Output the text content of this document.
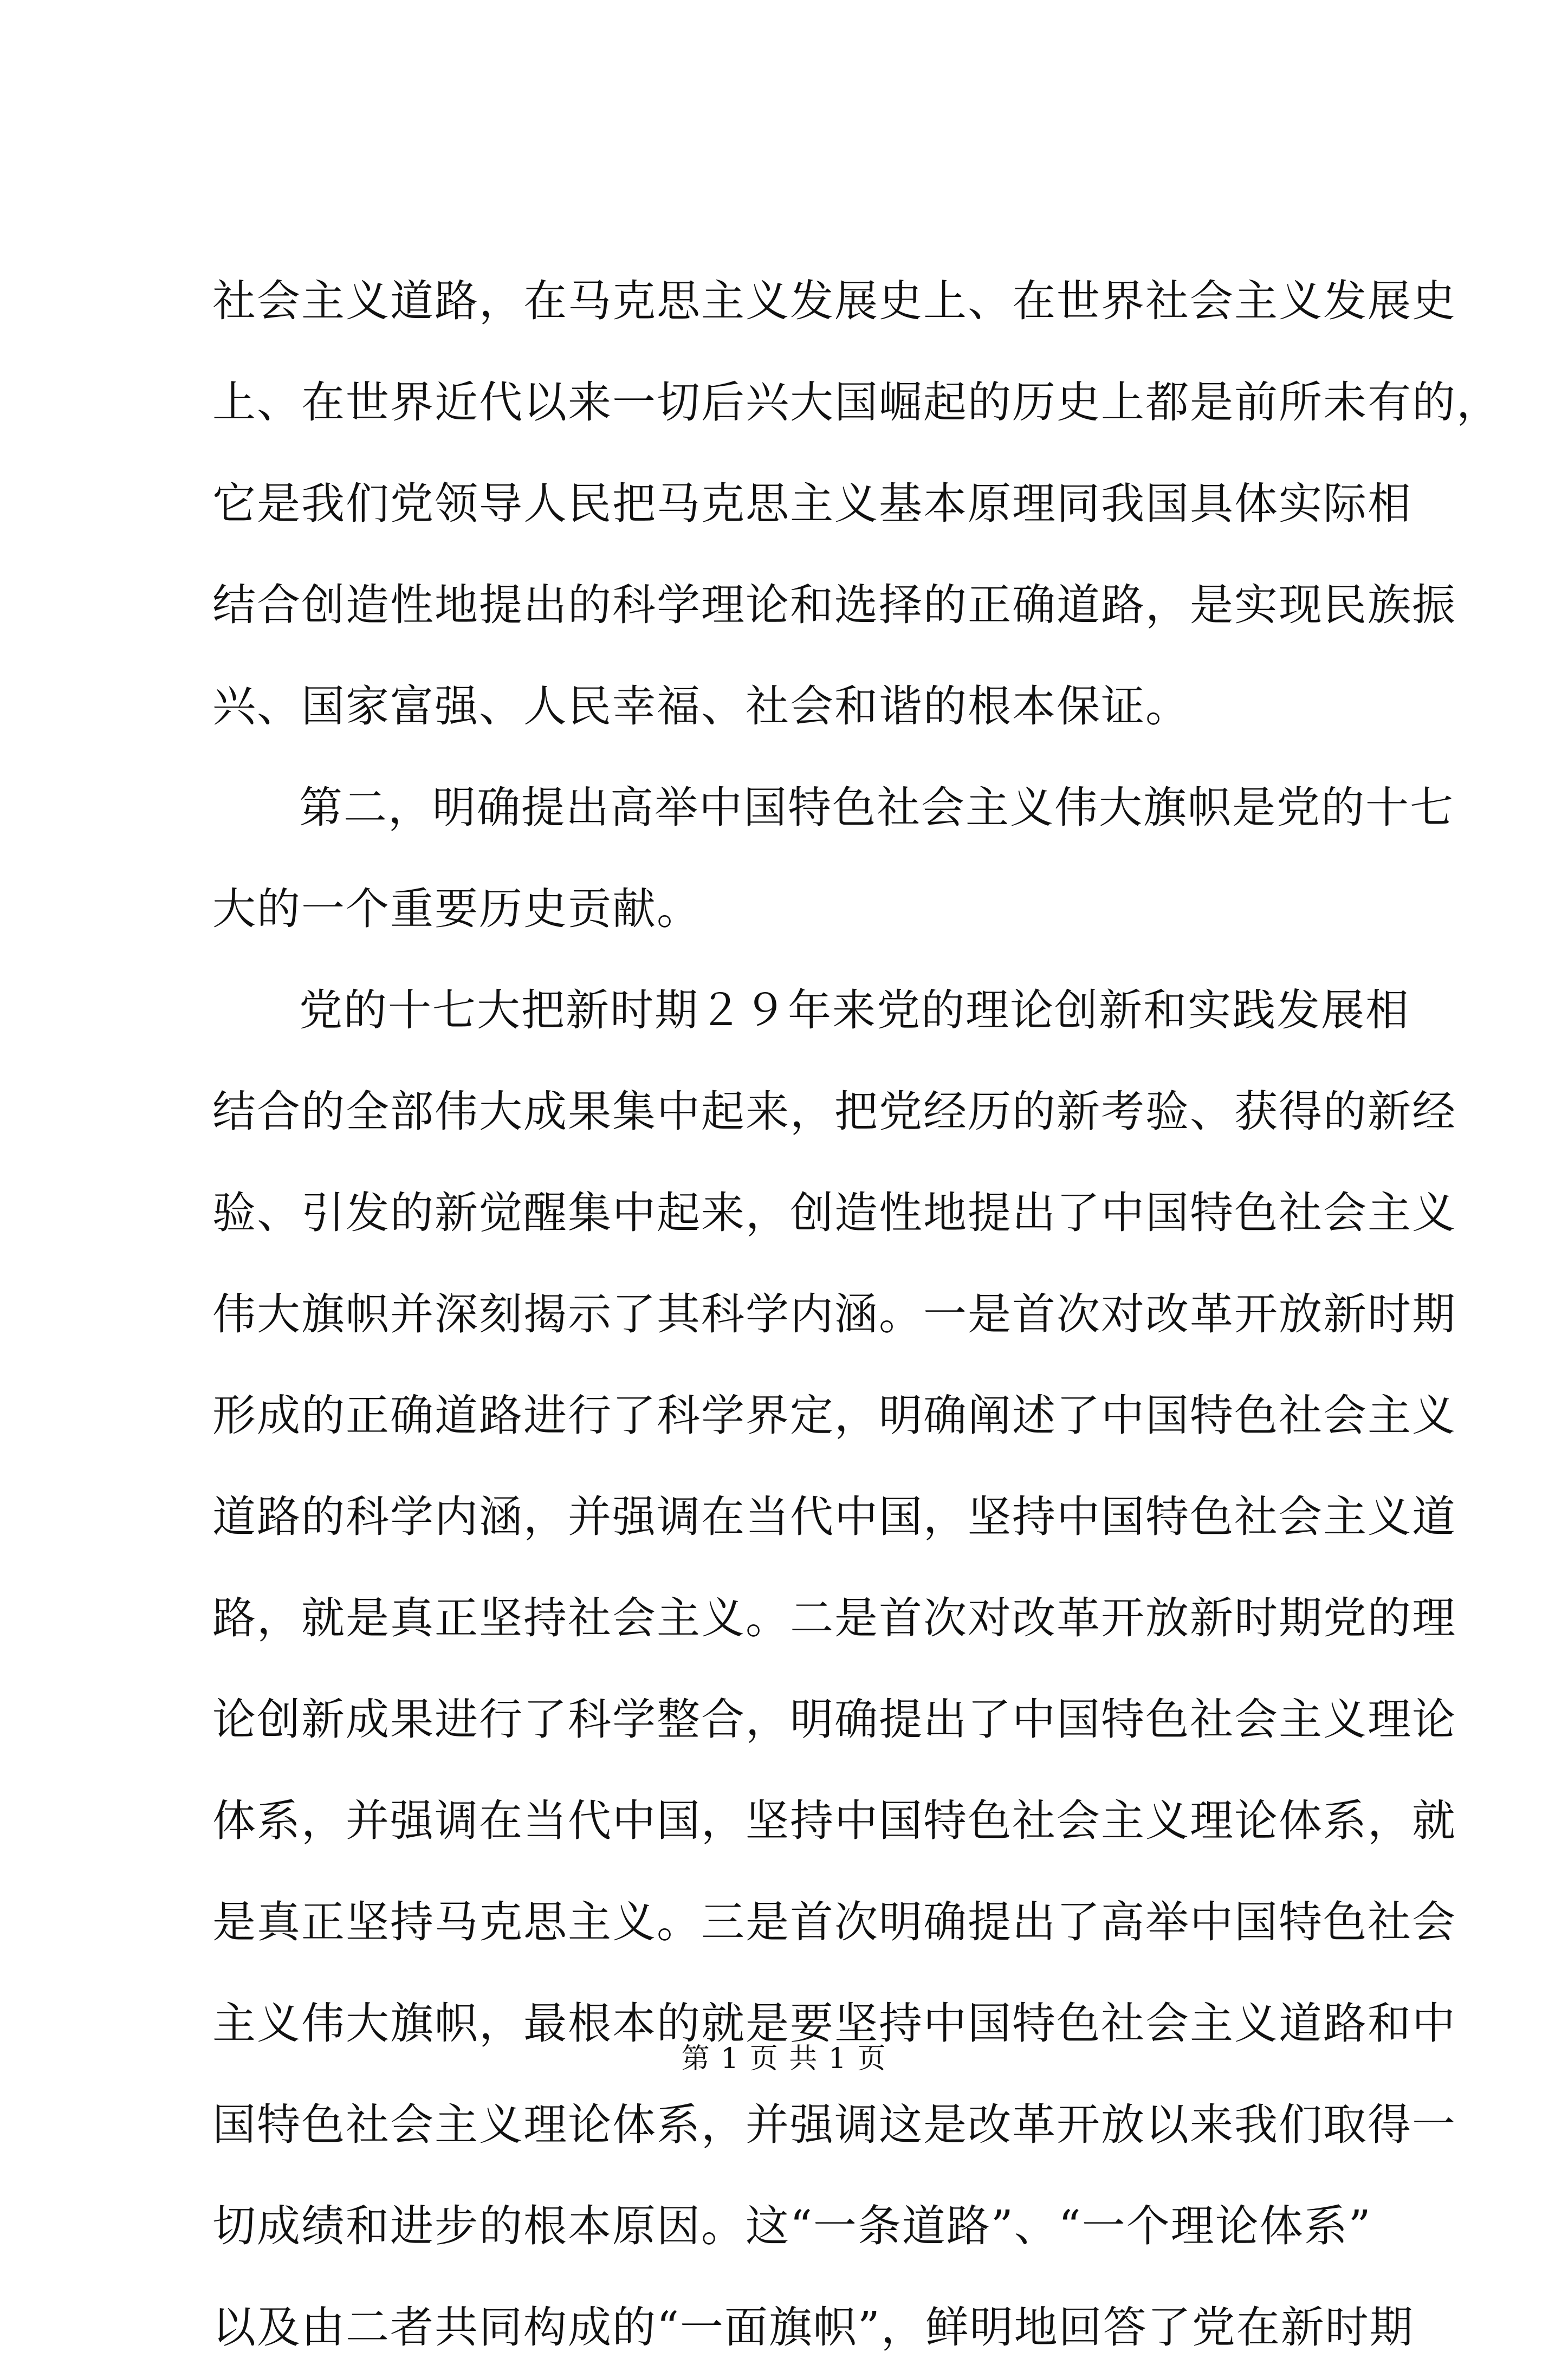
社会主义道路，在马克思主义发展史上、在世界社会主义发展史
上、在世界近代以来一切后兴大国崛起的历史上都是前所未有的，
它是我们党领导人民把马克思主义基本原理同我国具体实际相
结合创造性地提出的科学理论和选择的正确道路，是实现民族振
兴、国家富强、人民幸福、社会和谐的根本保证。
第二，明确提出高举中国特色社会主义伟大旗帜是党的十七
大的一个重要历史贡献。
党的十七大把新时期２９年来党的理论创新和实践发展相
结合的全部伟大成果集中起来，把党经历的新考验、获得的新经
验、引发的新觉醒集中起来，创造性地提出了中国特色社会主义
伟大旗帜并深刻揭示了其科学内涵。一是首次对改革开放新时期
形成的正确道路进行了科学界定，明确阐述了中国特色社会主义
道路的科学内涵，并强调在当代中国，坚持中国特色社会主义道
路，就是真正坚持社会主义。二是首次对改革开放新时期党的理
论创新成果进行了科学整合，明确提出了中国特色社会主义理论
体系，并强调在当代中国，坚持中国特色社会主义理论体系，就
是真正坚持马克思主义。三是首次明确提出了高举中国特色社会
主义伟大旗帜，最根本的就是要坚持中国特色社会主义道路和中
国特色社会主义理论体系，并强调这是改革开放以来我们取得一
切成绩和进步的根本原因。这“一条道路”、“一个理论体系”
以及由二者共同构成的“一面旗帜”，鲜明地回答了党在新时期
第 1 页 共 1 页
